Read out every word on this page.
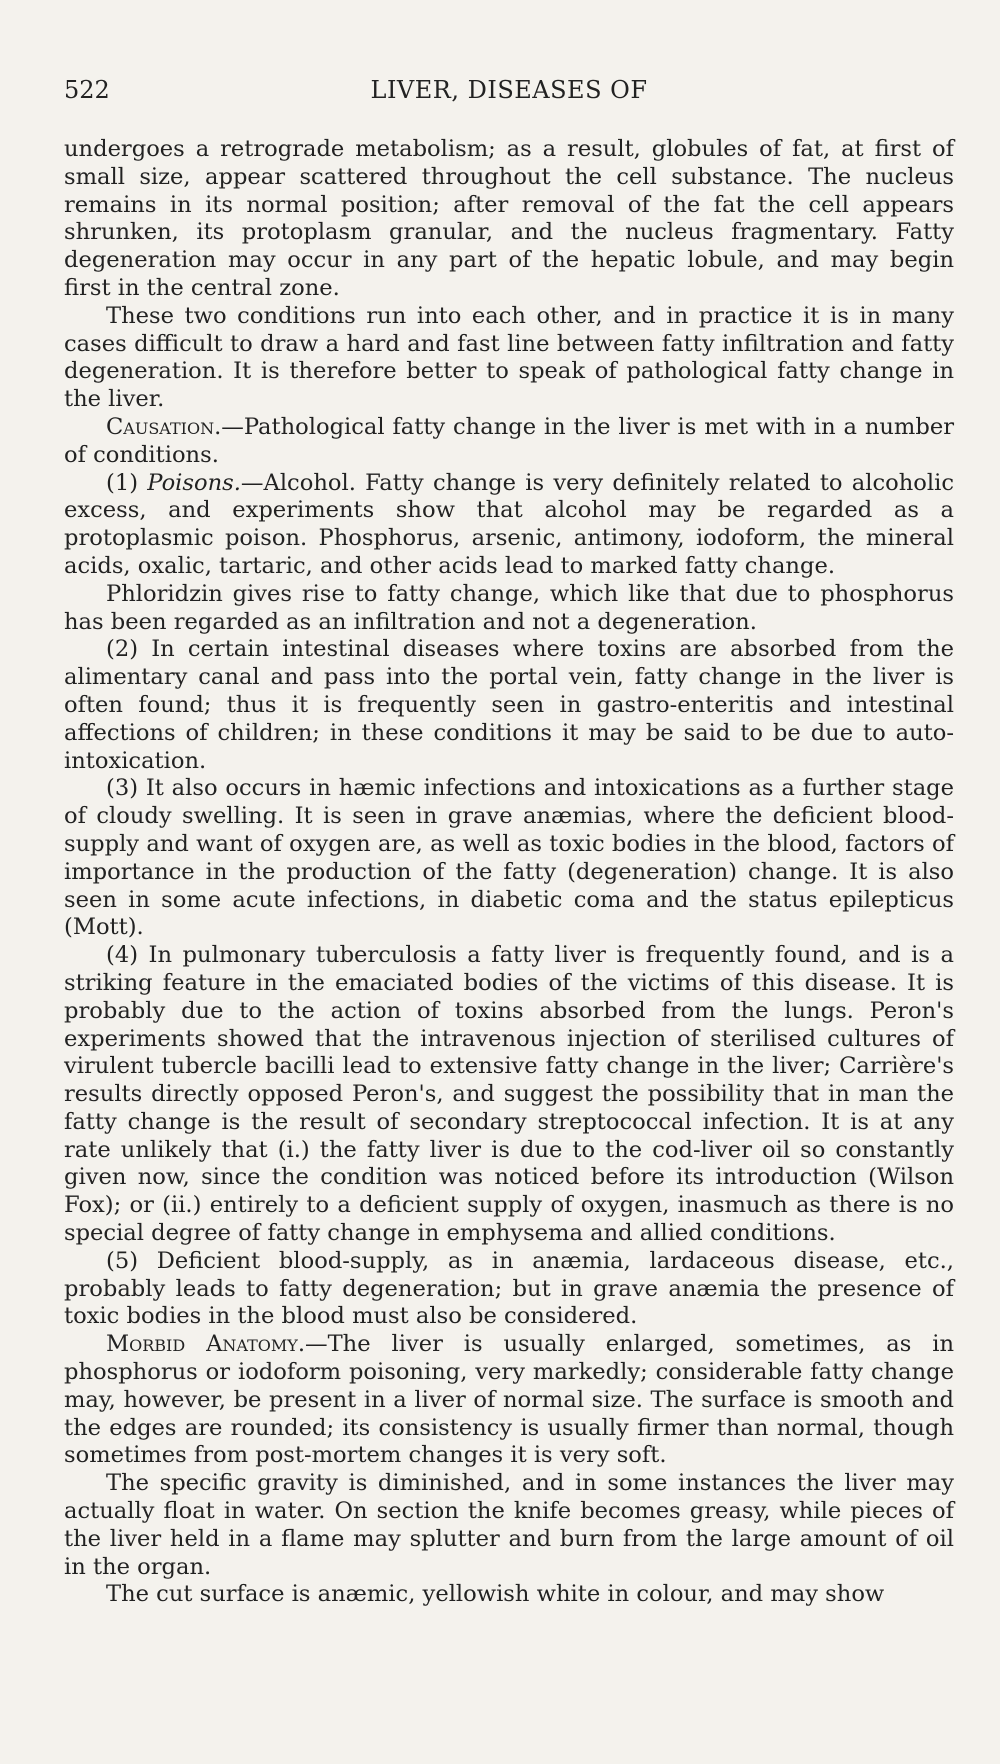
522	LIVER, DISEASES OF

undergoes a retrograde metabolism; as a result, globules of fat, at first of small size, appear scattered throughout the cell substance. The nucleus remains in its normal position; after removal of the fat the cell appears shrunken, its protoplasm granular, and the nucleus fragmentary. Fatty degeneration may occur in any part of the hepatic lobule, and may begin first in the central zone.

These two conditions run into each other, and in practice it is in many cases difficult to draw a hard and fast line between fatty infiltration and fatty degeneration. It is therefore better to speak of pathological fatty change in the liver.

Causation.—Pathological fatty change in the liver is met with in a number of conditions.

(1) Poisons.—Alcohol. Fatty change is very definitely related to alcoholic excess, and experiments show that alcohol may be regarded as a protoplasmic poison. Phosphorus, arsenic, antimony, iodoform, the mineral acids, oxalic, tartaric, and other acids lead to marked fatty change.

Phloridzin gives rise to fatty change, which like that due to phosphorus has been regarded as an infiltration and not a degeneration.

(2) In certain intestinal diseases where toxins are absorbed from the alimentary canal and pass into the portal vein, fatty change in the liver is often found; thus it is frequently seen in gastro-enteritis and intestinal affections of children; in these conditions it may be said to be due to auto-intoxication.

(3) It also occurs in hæmic infections and intoxications as a further stage of cloudy swelling. It is seen in grave anæmias, where the deficient blood-supply and want of oxygen are, as well as toxic bodies in the blood, factors of importance in the production of the fatty (degeneration) change. It is also seen in some acute infections, in diabetic coma and the status epilepticus (Mott).

(4) In pulmonary tuberculosis a fatty liver is frequently found, and is a striking feature in the emaciated bodies of the victims of this disease. It is probably due to the action of toxins absorbed from the lungs. Peron's experiments showed that the intravenous injection of sterilised cultures of virulent tubercle bacilli lead to extensive fatty change in the liver; Carrière's results directly opposed Peron's, and suggest the possibility that in man the fatty change is the result of secondary streptococcal infection. It is at any rate unlikely that (i.) the fatty liver is due to the cod-liver oil so constantly given now, since the condition was noticed before its introduction (Wilson Fox); or (ii.) entirely to a deficient supply of oxygen, inasmuch as there is no special degree of fatty change in emphysema and allied conditions.

(5) Deficient blood-supply, as in anæmia, lardaceous disease, etc., probably leads to fatty degeneration; but in grave anæmia the presence of toxic bodies in the blood must also be considered.

Morbid Anatomy.—The liver is usually enlarged, sometimes, as in phosphorus or iodoform poisoning, very markedly; considerable fatty change may, however, be present in a liver of normal size. The surface is smooth and the edges are rounded; its consistency is usually firmer than normal, though sometimes from post-mortem changes it is very soft.

The specific gravity is diminished, and in some instances the liver may actually float in water. On section the knife becomes greasy, while pieces of the liver held in a flame may splutter and burn from the large amount of oil in the organ.

The cut surface is anæmic, yellowish white in colour, and may show
